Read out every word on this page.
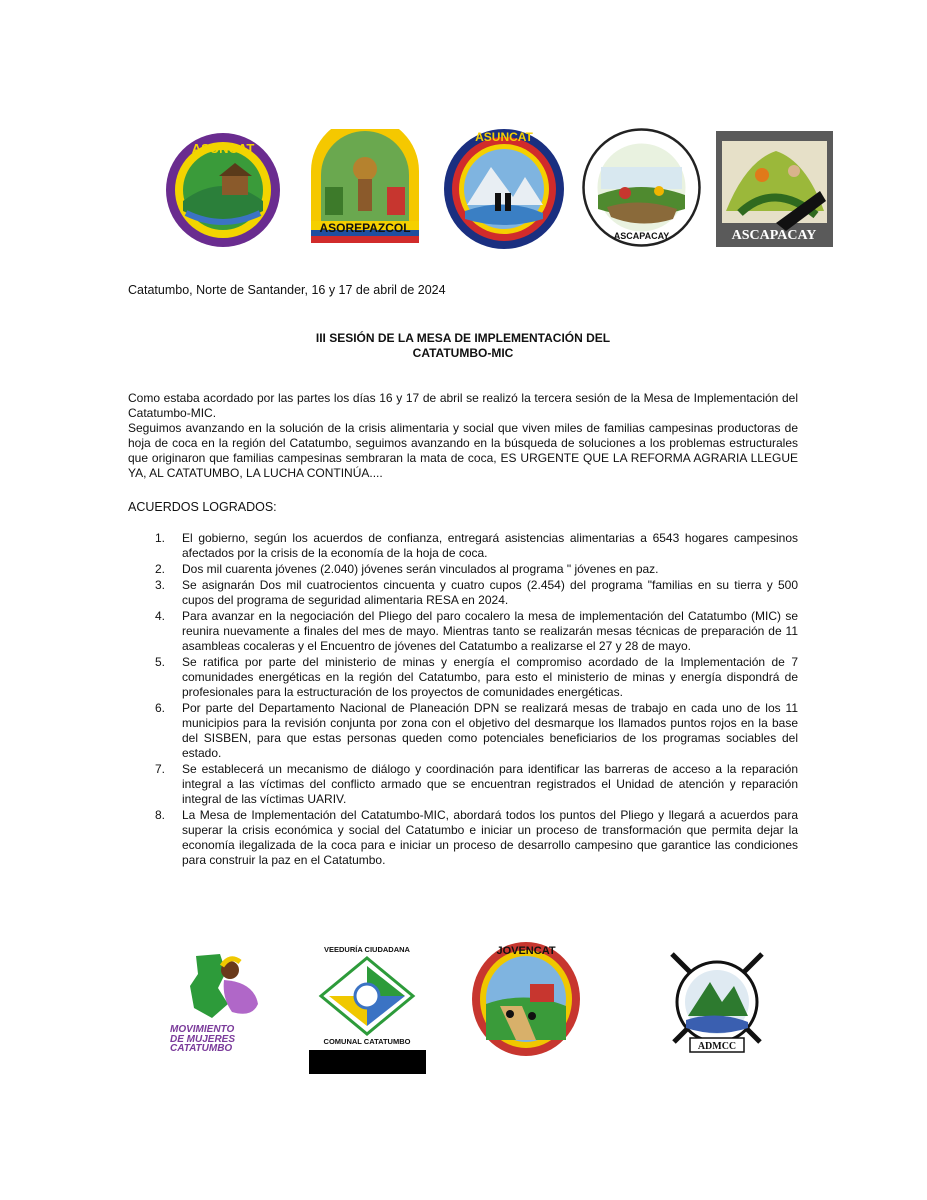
ASUNCAT
ASOREPAZCOL
ASUNCAT
ASCAPACAY	ASCAPACAY
Catatumbo, Norte de Santander, 16 y 17 de abril de 2024
III SESIÓN DE LA MESA DE IMPLEMENTACIÓN DEL
CATATUMBO-MIC

Como estaba acordado por las partes los días 16 y 17 de abril se realizó la tercera sesión de la Mesa de Implementación del Catatumbo-MIC.

Seguimos avanzando en la solución de la crisis alimentaria y social que viven miles de familias campesinas productoras de hoja de coca en la región del Catatumbo, seguimos avanzando en la búsqueda de soluciones a los problemas estructurales que originaron que familias campesinas sembraran la mata de coca, ES URGENTE QUE LA REFORMA AGRARIA LLEGUE YA, AL CATATUMBO, LA LUCHA CONTINÚA....

ACUERDOS LOGRADOS:
1.	El gobierno, según los acuerdos de confianza, entregará asistencias alimentarias a 6543 hogares campesinos afectados por la crisis de la economía de la hoja de coca.
2.	Dos mil cuarenta jóvenes (2.040) jóvenes serán vinculados al programa " jóvenes en paz.
3.	Se asignarán Dos mil cuatrocientos cincuenta y cuatro cupos (2.454) del programa "familias en su tierra y 500 cupos del programa de seguridad alimentaria RESA en 2024.
4.	Para avanzar en la negociación del Pliego del paro cocalero la mesa de implementación del Catatumbo (MIC) se reunira nuevamente a finales del mes de mayo. Mientras tanto se realizarán mesas técnicas de preparación de 11 asambleas cocaleras y el Encuentro de jóvenes del Catatumbo a realizarse el 27 y 28 de mayo.
5.	Se ratifica por parte del ministerio de minas y energía el compromiso acordado de la Implementación de 7 comunidades energéticas en la región del Catatumbo, para esto el ministerio de minas y energía dispondrá de profesionales para la estructuración de los proyectos de comunidades energéticas.
6.	Por parte del Departamento Nacional de Planeación DPN se realizará mesas de trabajo en cada uno de los 11 municipios para la revisión conjunta por zona con el objetivo del desmarque los llamados puntos rojos en la base del SISBEN, para que estas personas queden como potenciales beneficiarios de los programas sociables del estado.
7.	Se establecerá un mecanismo de diálogo y coordinación para identificar las barreras de acceso a la reparación integral a las víctimas del conflicto armado que se encuentran registrados el Unidad de atención y reparación integral de las víctimas UARIV.
8.	La Mesa de Implementación del Catatumbo-MIC, abordará todos los puntos del Pliego y llegará a acuerdos para superar la crisis económica y social del Catatumbo e iniciar un proceso de transformación que permita dejar la economía ilegalizada de la coca para e iniciar un proceso de desarrollo campesino que garantice las condiciones para construir la paz en el Catatumbo.
MOVIMIENTO
DE MUJERES
CATATUMBO
VEEDURÍA CIUDADANA
COMUNAL CATATUMBO
JOVENCAT
ADMCC
